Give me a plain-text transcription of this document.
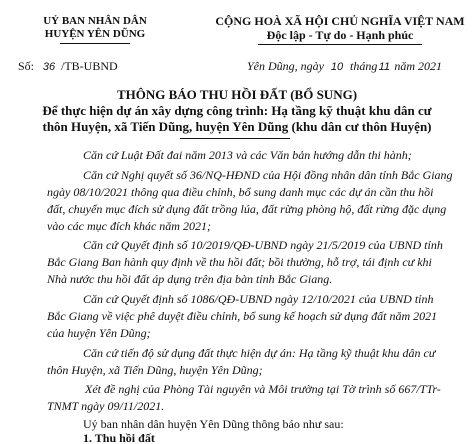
UỶ BAN NHÂN DÂN
HUYỆN YÊN DŨNG
CỘNG HOÀ XÃ HỘI CHỦ NGHĨA VIỆT NAM
Độc lập - Tự do - Hạnh phúc
Số: 36 /TB-UBND	Yên Dũng, ngày 10 tháng11 năm 2021
THÔNG BÁO THU HỒI ĐẤT (BỔ SUNG)
Để thực hiện dự án xây dựng công trình: Hạ tầng kỹ thuật khu dân cư
thôn Huyện, xã Tiến Dũng, huyện Yên Dũng (khu dân cư thôn Huyện)
Căn cứ Luật Đất đai năm 2013 và các Văn bản hướng dẫn thi hành;
Căn cứ Nghị quyết số 36/NQ-HĐND của Hội đồng nhân dân tỉnh Bắc Giang
ngày 08/10/2021 thông qua điều chỉnh, bổ sung danh mục các dự án cần thu hồi
đất, chuyển mục đích sử dụng đất trồng lúa, đất rừng phòng hộ, đất rừng đặc dụng
vào các mục đích khác năm 2021;
Căn cứ Quyết định số 10/2019/QĐ-UBND ngày 21/5/2019 của UBND tỉnh
Bắc Giang Ban hành quy định về thu hồi đất; bồi thường, hỗ trợ, tái định cư khi
Nhà nước thu hồi đất áp dụng trên địa bàn tỉnh Bắc Giang.
Căn cứ Quyết định số 1086/QĐ-UBND ngày 12/10/2021 của UBND tỉnh
Bắc Giang về việc phê duyệt điều chỉnh, bổ sung kế hoạch sử dụng đất năm 2021
của huyện Yên Dũng;
Căn cứ tiến độ sử dụng đất thực hiện dự án: Hạ tầng kỹ thuật khu dân cư
thôn Huyện, xã Tiến Dũng, huyện Yên Dũng;
Xét đề nghị của Phòng Tài nguyên và Môi trường tại Tờ trình số 667/TTr-
TNMT ngày 09/11/2021.
Uỷ ban nhân dân huyện Yên Dũng thông báo như sau:
1. Thu hồi đất
